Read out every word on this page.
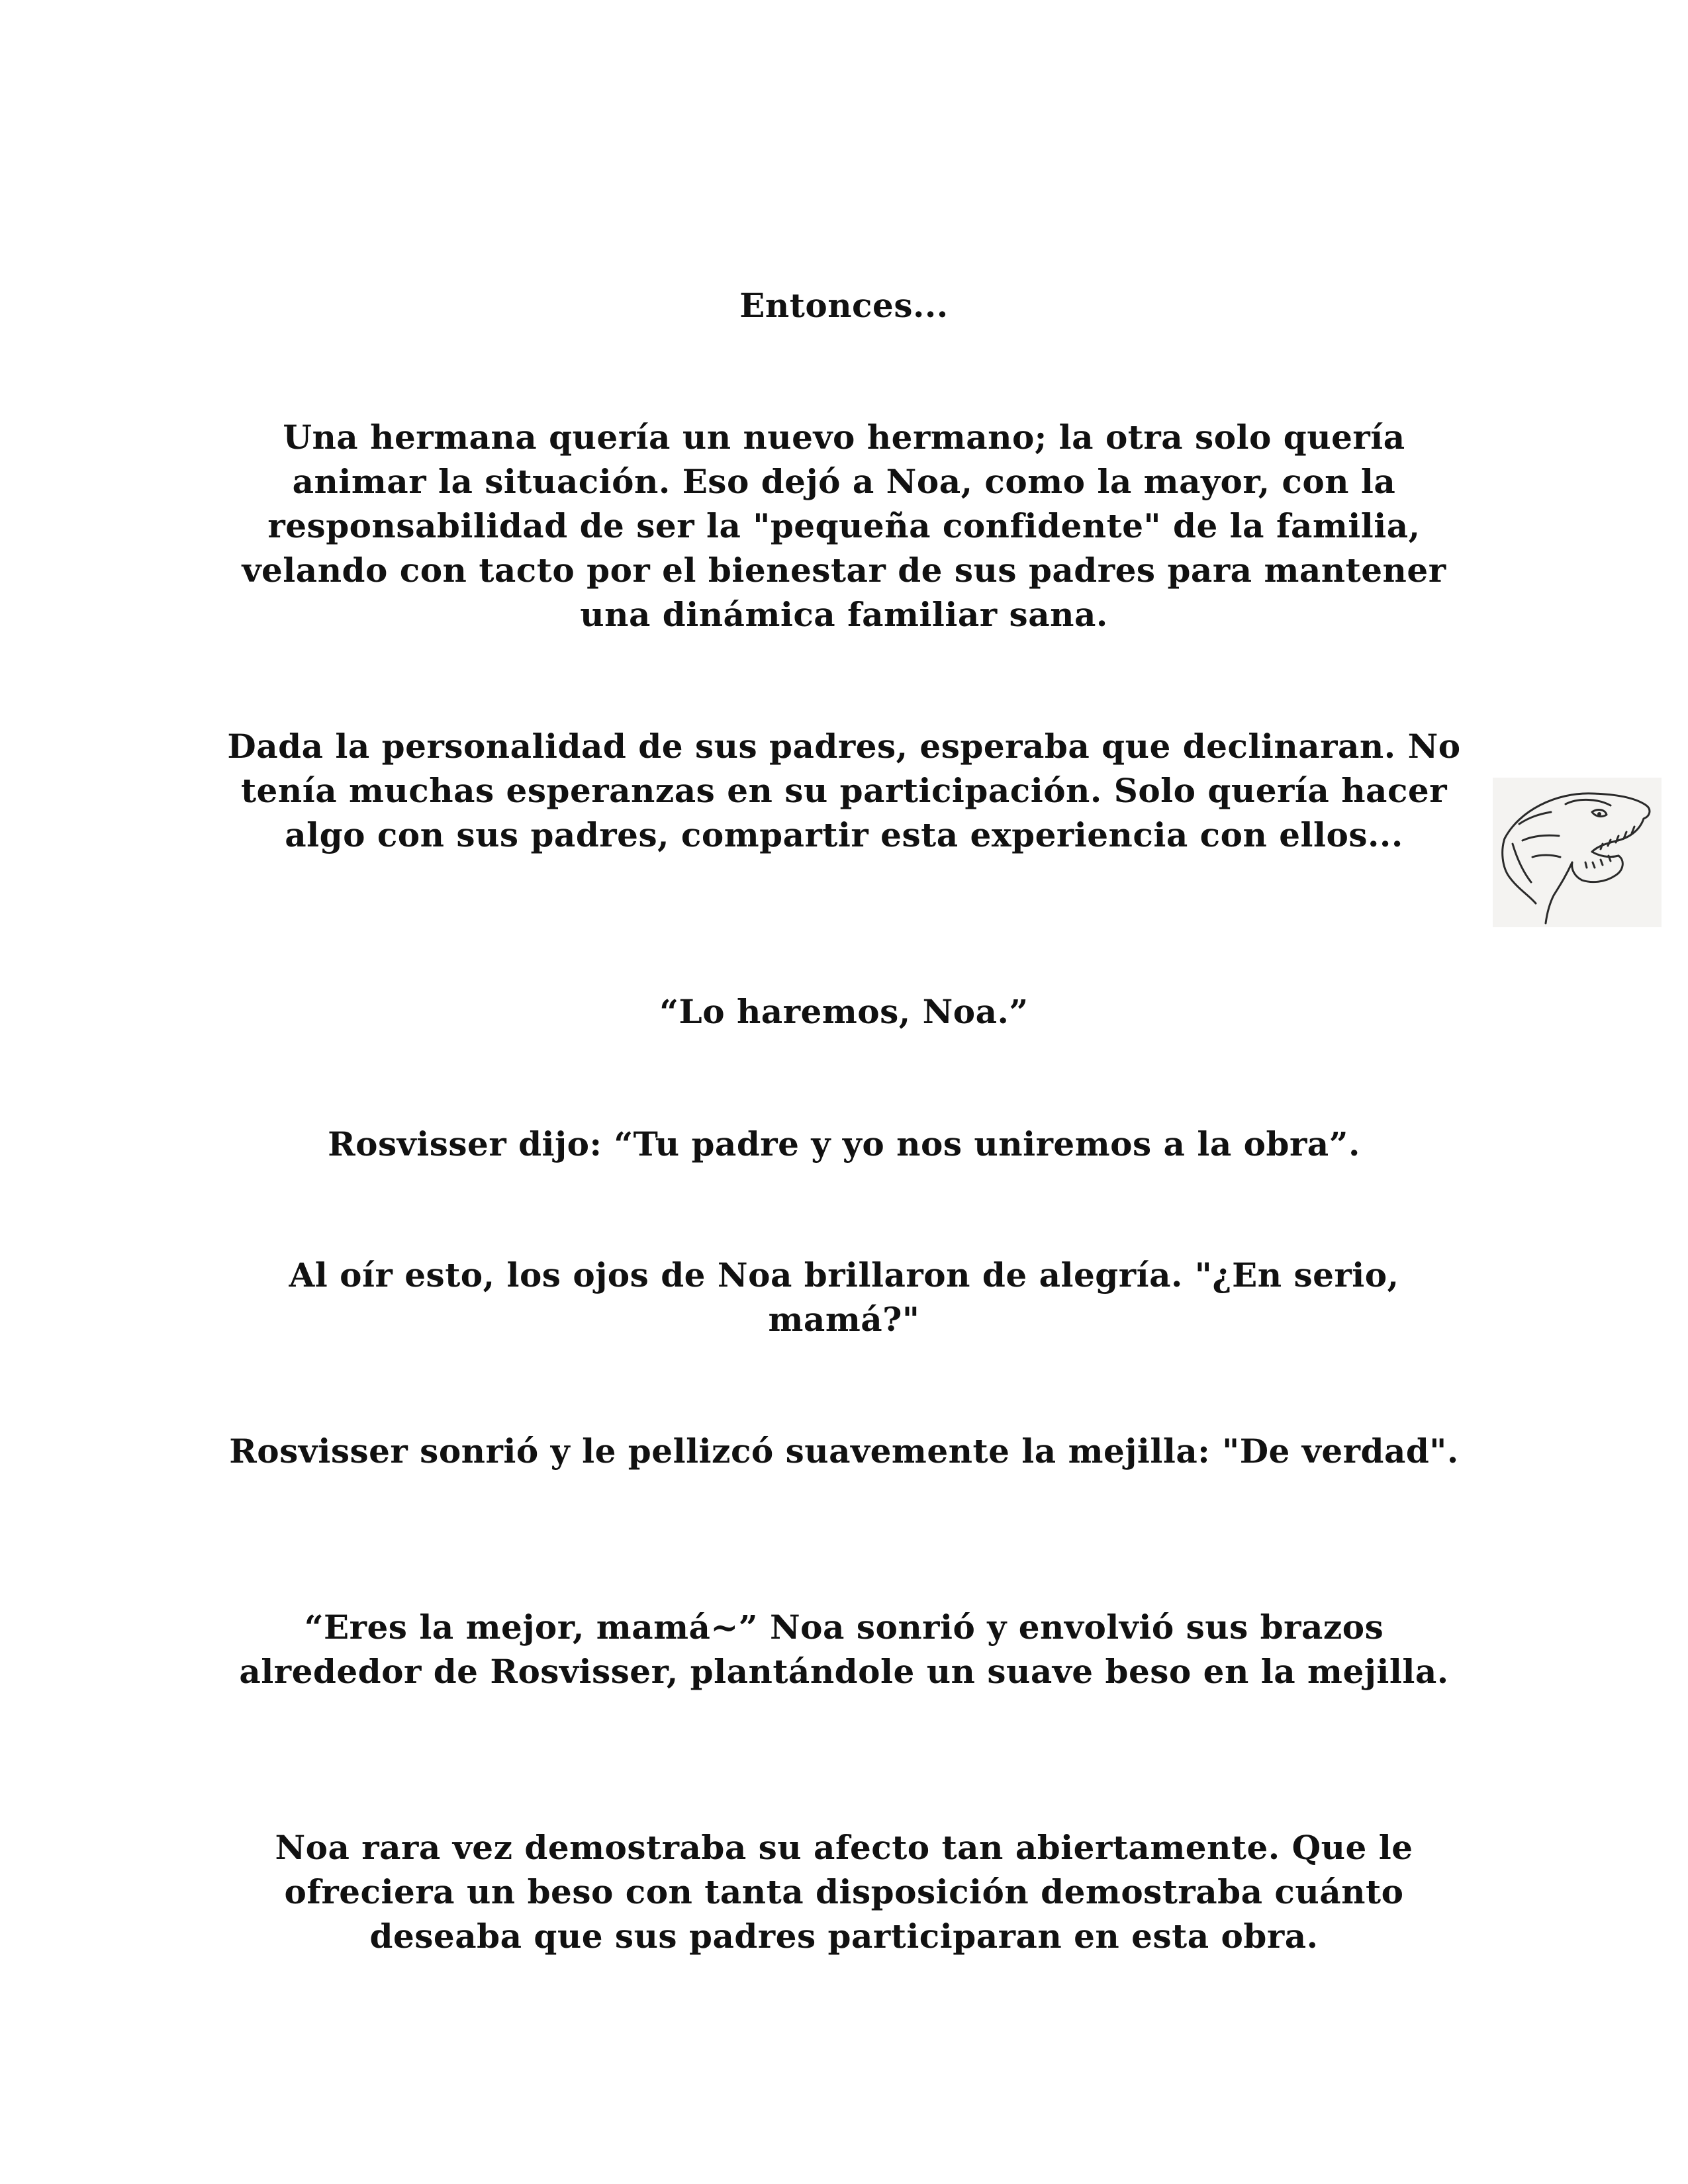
Entonces...

Una hermana quería un nuevo hermano; la otra solo quería animar la situación. Eso dejó a Noa, como la mayor, con la responsabilidad de ser la "pequeña confidente" de la familia, velando con tacto por el bienestar de sus padres para mantener una dinámica familiar sana.

Dada la personalidad de sus padres, esperaba que declinaran. No tenía muchas esperanzas en su participación. Solo quería hacer algo con sus padres, compartir esta experiencia con ellos...

“Lo haremos, Noa.”

Rosvisser dijo: “Tu padre y yo nos uniremos a la obra”.

Al oír esto, los ojos de Noa brillaron de alegría. "¿En serio, mamá?"

Rosvisser sonrió y le pellizcó suavemente la mejilla: "De verdad".

“Eres la mejor, mamá~” Noa sonrió y envolvió sus brazos alrededor de Rosvisser, plantándole un suave beso en la mejilla.

Noa rara vez demostraba su afecto tan abiertamente. Que le ofreciera un beso con tanta disposición demostraba cuánto deseaba que sus padres participaran en esta obra.
